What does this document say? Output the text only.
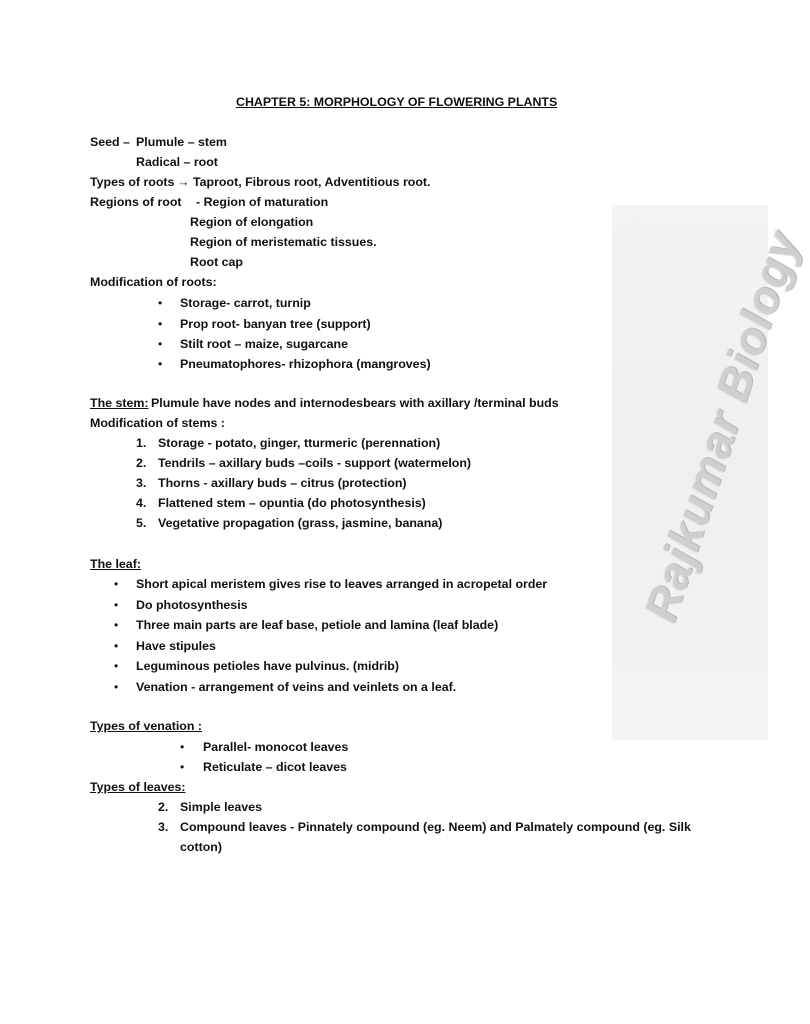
Rajkumar Biology
CHAPTER 5: MORPHOLOGY OF FLOWERING PLANTS
Seed – Plumule – stem
Radical – root
Types of roots → Taproot, Fibrous root, Adventitious root.
Regions of root - Region of maturation
Region of elongation
Region of meristematic tissues.
Root cap
Modification of roots:
• Storage- carrot, turnip
• Prop root- banyan tree (support)
• Stilt root – maize, sugarcane
• Pneumatophores- rhizophora (mangroves)
The stem: Plumule have nodes and internodesbears with axillary /terminal buds
Modification of stems :
1. Storage - potato, ginger, tturmeric (perennation)
2. Tendrils – axillary buds –coils - support (watermelon)
3. Thorns - axillary buds – citrus (protection)
4. Flattened stem – opuntia (do photosynthesis)
5. Vegetative propagation (grass, jasmine, banana)
The leaf:
• Short apical meristem gives rise to leaves arranged in acropetal order
• Do photosynthesis
• Three main parts are leaf base, petiole and lamina (leaf blade)
• Have stipules
• Leguminous petioles have pulvinus. (midrib)
• Venation - arrangement of veins and veinlets on a leaf.
Types of venation :
• Parallel- monocot leaves
• Reticulate – dicot leaves
Types of leaves:
2. Simple leaves
3. Compound leaves - Pinnately compound (eg. Neem) and Palmately compound (eg. Silk
cotton)
